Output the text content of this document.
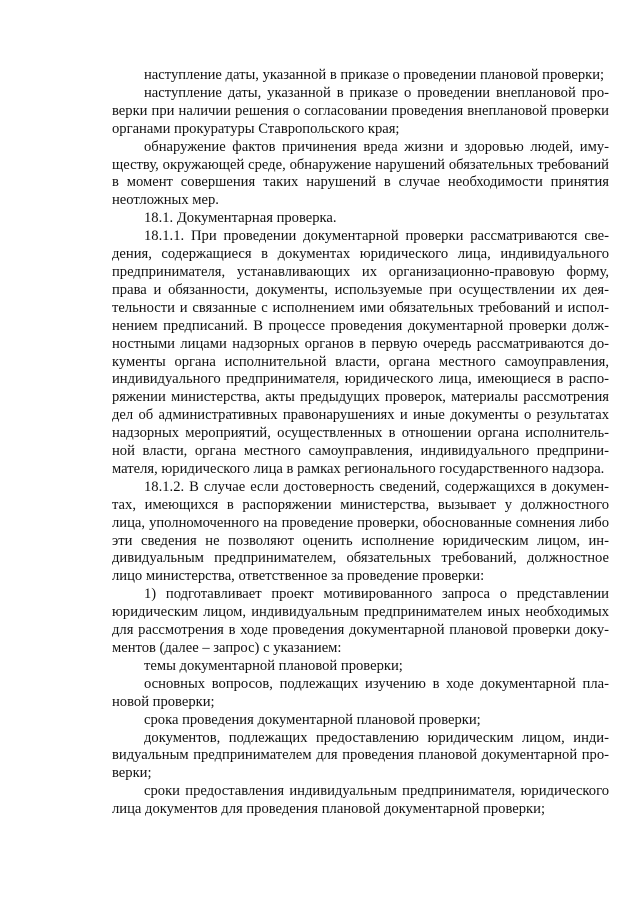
наступление даты, указанной в приказе о проведении плановой проверки;

наступление даты, указанной в приказе о проведении внеплановой проверки при наличии решения о согласовании проведения внеплановой проверки органами прокуратуры Ставропольского края;

обнаружение фактов причинения вреда жизни и здоровью людей, имуществу, окружающей среде, обнаружение нарушений обязательных требований в момент совершения таких нарушений в случае необходимости принятия неотложных мер.

18.1. Документарная проверка.

18.1.1. При проведении документарной проверки рассматриваются сведения, содержащиеся в документах юридического лица, индивидуального предпринимателя, устанавливающих их организационно-правовую форму, права и обязанности, документы, используемые при осуществлении их деятельности и связанные с исполнением ими обязательных требований и исполнением предписаний. В процессе проведения документарной проверки должностными лицами надзорных органов в первую очередь рассматриваются документы органа исполнительной власти, органа местного самоуправления, индивидуального предпринимателя, юридического лица, имеющиеся в распоряжении министерства, акты предыдущих проверок, материалы рассмотрения дел об административных правонарушениях и иные документы о результатах надзорных мероприятий, осуществленных в отношении органа исполнительной власти, органа местного самоуправления, индивидуального предпринимателя, юридического лица в рамках регионального государственного надзора.

18.1.2. В случае если достоверность сведений, содержащихся в документах, имеющихся в распоряжении министерства, вызывает у должностного лица, уполномоченного на проведение проверки, обоснованные сомнения либо эти сведения не позволяют оценить исполнение юридическим лицом, индивидуальным предпринимателем, обязательных требований, должностное лицо министерства, ответственное за проведение проверки:

1) подготавливает проект мотивированного запроса о представлении юридическим лицом, индивидуальным предпринимателем иных необходимых для рассмотрения в ходе проведения документарной плановой проверки документов (далее – запрос) с указанием:

темы документарной плановой проверки;

основных вопросов, подлежащих изучению в ходе документарной плановой проверки;

срока проведения документарной плановой проверки;

документов, подлежащих предоставлению юридическим лицом, индивидуальным предпринимателем для проведения плановой документарной проверки;

сроки предоставления индивидуальным предпринимателя, юридического лица документов для проведения плановой документарной проверки;
